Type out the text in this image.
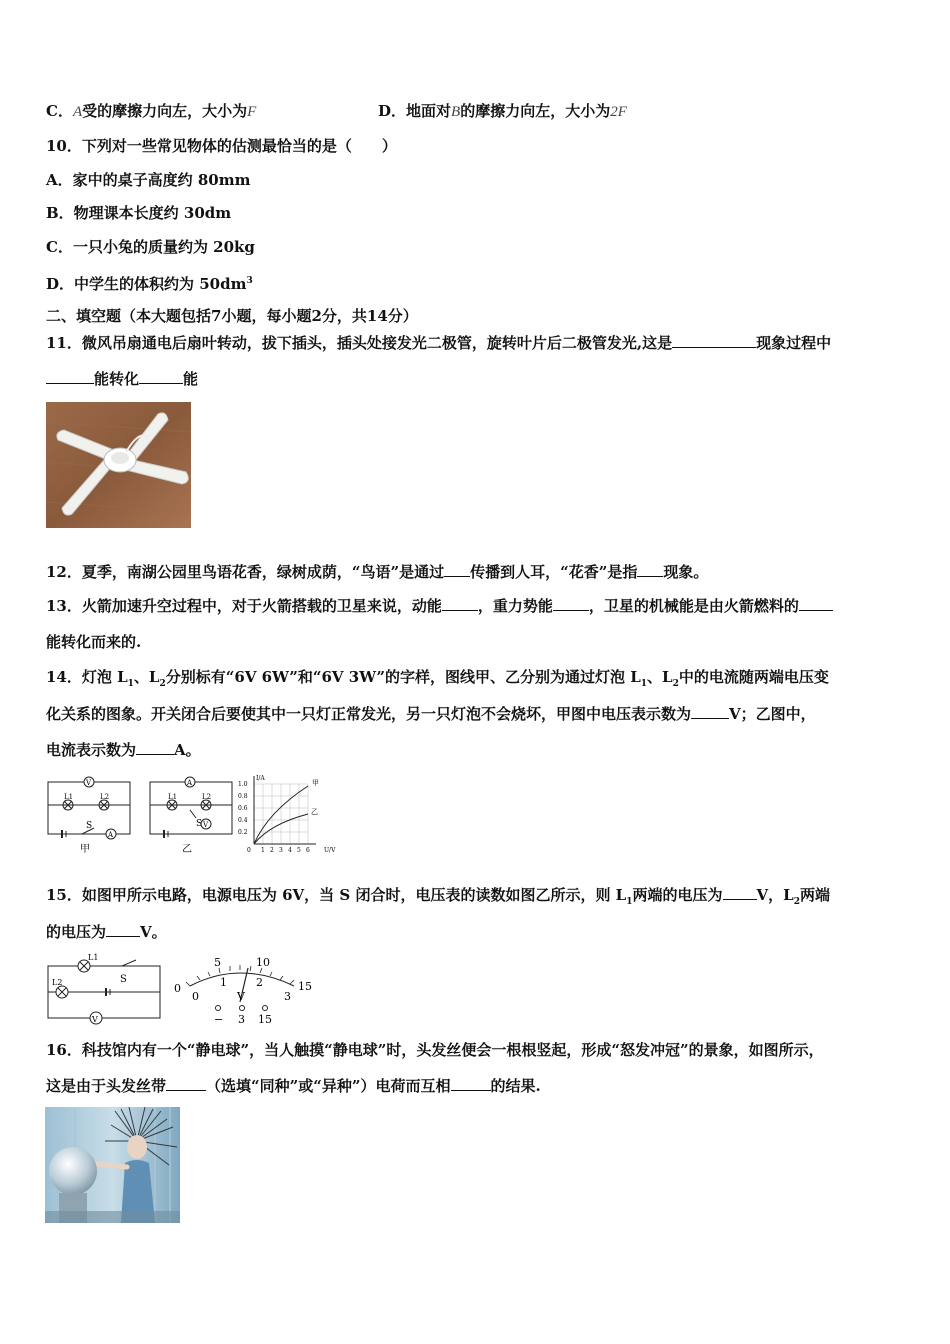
C．A受的摩擦力向左，大小为F	D．地面对B的摩擦力向左，大小为2F
10．下列对一些常见物体的估测最恰当的是（　　）
A．家中的桌子高度约 80mm
B．物理课本长度约 30dm
C．一只小兔的质量约为 20kg
D．中学生的体积约为 $50dm^3$
二、填空题（本大题包括7小题，每小题2分，共14分）
11．微风吊扇通电后扇叶转动，拔下插头，插头处接发光二极管，旋转叶片后二极管发光,这是	现象过程中
能转化	能
12．夏季，南湖公园里鸟语花香，绿树成荫，“鸟语”是通过 传播到人耳，“花香”是指 现象。
13．火箭加速升空过程中，对于火箭搭载的卫星来说，动能 ，重力势能 ，卫星的机械能是由火箭燃料的
能转化而来的.
14．灯泡 $L_1$、$L_2$分别标有“6V 6W”和“6V 3W”的字样，图线甲、乙分别为通过灯泡 $L_1$、$L_2$中的电流随两端电压变
化关系的图象。开关闭合后要使其中一只灯正常发光，另一只灯泡不会烧坏，甲图中电压表示数为	V；乙图中，
电流表示数为	A。
V
A
L1	L2
S
甲
A
V
L1	L2
S
乙
I/A
甲
乙
1.0
0.8
0.6
0.4
0.2
0 1 2 3 4 5 6 U/V
15．如图甲所示电路，电源电压为 6V，当 S 闭合时，电压表的读数如图乙所示，则 $L_1$两端的电压为 V，$L_2$两端
的电压为 V。
L1
L2	S
V
0
5	10
15
0
1	2
3
V
− 3 15
16．科技馆内有一个“静电球”，当人触摸“静电球”时，头发丝便会一根根竖起，形成“怒发冲冠”的景象，如图所示，
这是由于头发丝带	（选填“同种”或“异种”）电荷而互相	的结果.
